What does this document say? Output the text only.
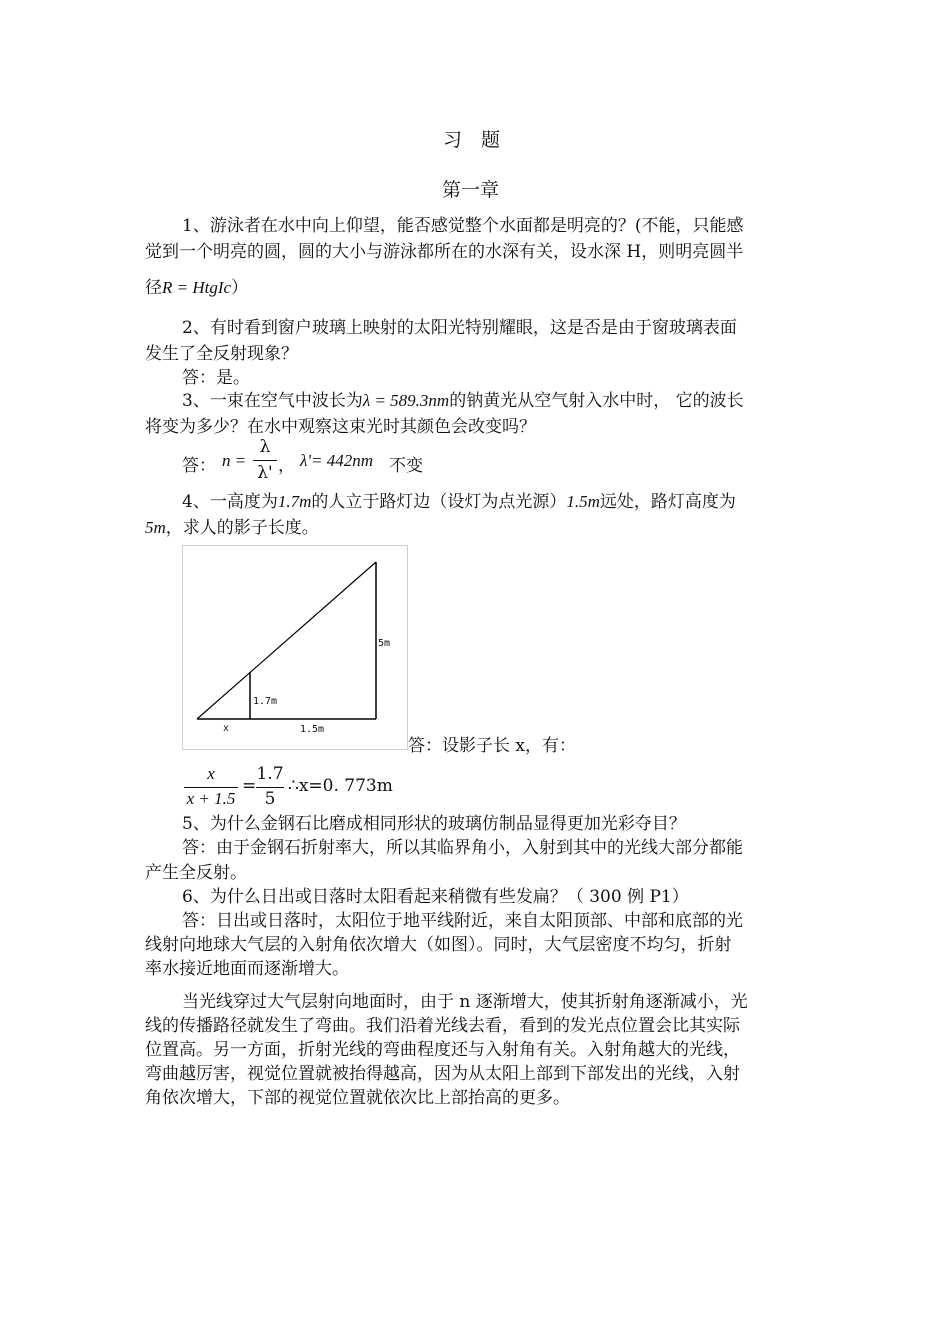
习　题
第一章
1、游泳者在水中向上仰望，能否感觉整个水面都是明亮的？(不能，只能感
觉到一个明亮的圆，圆的大小与游泳都所在的水深有关，设水深 H，则明亮圆半
径R = HtgIc）
2、有时看到窗户玻璃上映射的太阳光特别耀眼，这是否是由于窗玻璃表面
发生了全反射现象？
答：是。
3、一束在空气中波长为λ = 589.3nm的钠黄光从空气射入水中时， 它的波长
将变为多少？在水中观察这束光时其颜色会改变吗？
答： n =
λ
λ' ， λ'= 442nm 不变
4、一高度为1.7m的人立于路灯边（设灯为点光源）1.5m远处，路灯高度为
5m，求人的影子长度。
5m
1.7m
x	1.5m
答：设影子长 x，有：
x
x + 1.5
=
1.7
5
∴x=0. 773m
5、为什么金钢石比磨成相同形状的玻璃仿制品显得更加光彩夺目？
答：由于金钢石折射率大，所以其临界角小，入射到其中的光线大部分都能
产生全反射。
6、为什么日出或日落时太阳看起来稍微有些发扁？（ 300 例 P1）
答：日出或日落时，太阳位于地平线附近，来自太阳顶部、中部和底部的光
线射向地球大气层的入射角依次增大（如图）。同时，大气层密度不均匀，折射
率水接近地面而逐渐增大。
当光线穿过大气层射向地面时，由于 n 逐渐增大，使其折射角逐渐减小，光
线的传播路径就发生了弯曲。我们沿着光线去看，看到的发光点位置会比其实际
位置高。另一方面，折射光线的弯曲程度还与入射角有关。入射角越大的光线，
弯曲越厉害，视觉位置就被抬得越高，因为从太阳上部到下部发出的光线，入射
角依次增大，下部的视觉位置就依次比上部抬高的更多。
